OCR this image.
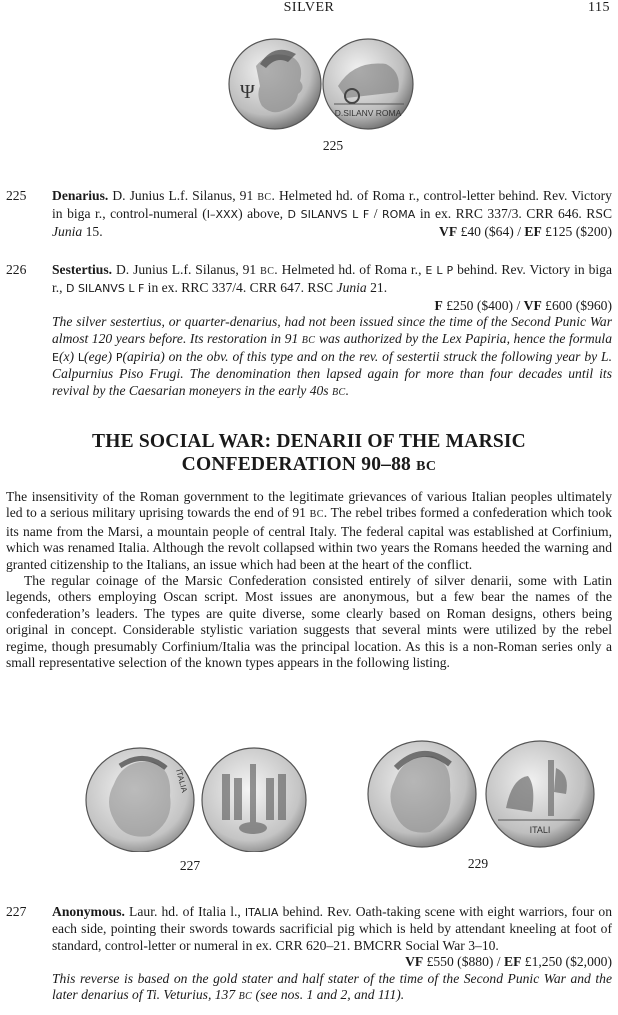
SILVER	115
Ψ
D.SILANV ROMA
225
225 Denarius. D. Junius L.f. Silanus, 91 BC. Helmeted hd. of Roma r., control-letter behind. Rev. Victory in biga r., control-numeral (I–XXX) above, D SILANVS L F / ROMA in ex. RRC 337/3. CRR 646. RSC Junia 15.	VF £40 ($64) / EF £125 ($200)
226 Sestertius. D. Junius L.f. Silanus, 91 BC. Helmeted hd. of Roma r., E L P behind. Rev. Victory in biga r., D SILANVS L F in ex. RRC 337/4. CRR 647. RSC Junia 21.

F £250 ($400) / VF £600 ($960)

The silver sestertius, or quarter-denarius, had not been issued since the time of the Second Punic War almost 120 years before. Its restoration in 91 BC was authorized by the Lex Papiria, hence the formula E(x) L(ege) P(apiria) on the obv. of this type and on the rev. of sestertii struck the following year by L. Calpurnius Piso Frugi. The denomination then lapsed again for more than four decades until its revival by the Caesarian moneyers in the early 40s BC.

THE SOCIAL WAR: DENARII OF THE MARSIC
CONFEDERATION 90–88 BC

The insensitivity of the Roman government to the legitimate grievances of various Italian peoples ultimately led to a serious military uprising towards the end of 91 BC. The rebel tribes formed a confederation which took its name from the Marsi, a mountain people of central Italy. The federal capital was established at Corfinium, which was renamed Italia. Although the revolt collapsed within two years the Romans heeded the warning and granted citizenship to the Italians, an issue which had been at the heart of the conflict.

The regular coinage of the Marsic Confederation consisted entirely of silver denarii, some with Latin legends, others employing Oscan script. Most issues are anonymous, but a few bear the names of the confederation’s leaders. The types are quite diverse, some clearly based on Roman designs, others being original in concept. Considerable stylistic variation suggests that several mints were utilized by the rebel regime, though presumably Corfinium/Italia was the principal location. As this is a non-Roman series only a small representative selection of the known types appears in the following listing.

ITALIA
227
ITALI
229
227 Anonymous. Laur. hd. of Italia l., ITALIA behind. Rev. Oath-taking scene with eight warriors, four on each side, pointing their swords towards sacrificial pig which is held by attendant kneeling at foot of standard, control-letter or numeral in ex. CRR 620–21. BMCRR Social War 3–10.
VF £550 ($880) / EF £1,250 ($2,000)

This reverse is based on the gold stater and half stater of the time of the Second Punic War and the later denarius of Ti. Veturius, 137 BC (see nos. 1 and 2, and 111).
